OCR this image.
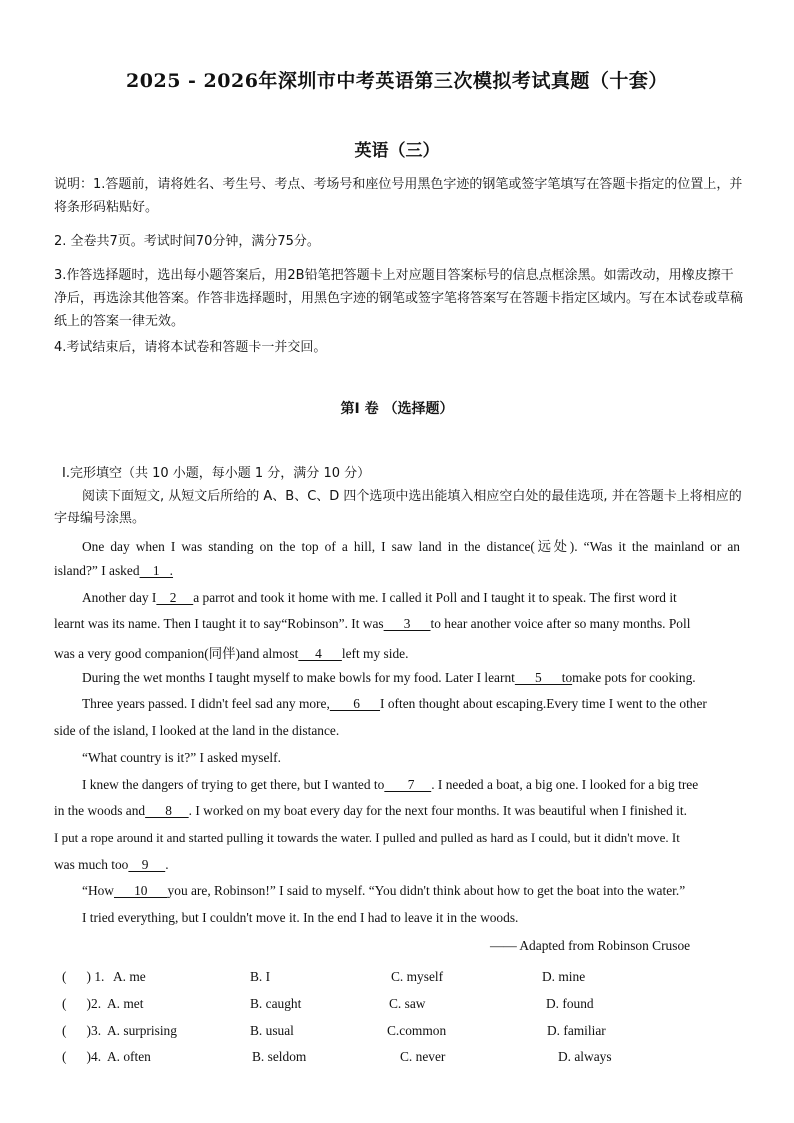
2025 - 2026年深圳市中考英语第三次模拟考试真题（十套）
英语（三）
说明：1.答题前，请将姓名、考生号、考点、考场号和座位号用黑色字迹的钢笔或签字笔填写在答题卡指定的位置上，并将条形码粘贴好。
2. 全卷共7页。考试时间70分钟，满分75分。
3.作答选择题时，选出每小题答案后，用2B铅笔把答题卡上对应题目答案标号的信息点框涂黑。如需改动，用橡皮擦干净后，再选涂其他答案。作答非选择题时，用黑色字迹的钢笔或签字笔将答案写在答题卡指定区域内。写在本试卷或草稿纸上的答案一律无效。
4.考试结束后，请将本试卷和答题卡一并交回。
第Ⅰ 卷 （选择题）
Ⅰ.完形填空（共 10 小题，每小题 1 分，满分 10 分）
阅读下面短文, 从短文后所给的 A、B、C、D 四个选项中选出能填入相应空白处的最佳选项, 并在答题卡上将相应的字母编号涂黑。
One day when I was standing on the top of a hill, I saw land in the distance(远处). “Was it the mainland or an
island?” I asked    1   .
Another day I    2     a parrot and took it home with me. I called it Poll and I taught it to speak. The first word it
learnt was its name. Then I taught it to say“Robinson”. It was      3      to hear another voice after so many months. Poll
was a very good companion(同伴)and almost     4      left my side.
During the wet months I taught myself to make bowls for my food. Later I learnt      5      tomake pots for cooking.
Three years passed. I didn't feel sad any more,       6      I often thought about escaping.Every time I went to the other
side of the island, I looked at the land in the distance.
“What country is it?” I asked myself.
I knew the dangers of trying to get there, but I wanted to       7     . I needed a boat, a big one. I looked for a big tree
in the woods and      8     . I worked on my boat every day for the next four months. It was beautiful when I finished it.
I put a rope around it and started pulling it towards the water. I pulled and pulled as hard as I could, but it didn't move. It
was much too    9     .
“How      10      you are, Robinson!” I said to myself. “You didn't think about how to get the boat into the water.”
I tried everything, but I couldn't move it. In the end I had to leave it in the woods.
—— Adapted from Robinson Crusoe
(      ) 1. A. me	B. I	C. myself	D. mine
(      )2. A. met	B. caught	C. saw	D. found
(      )3. A. surprising	B. usual	C.common	D. familiar
(      )4. A. often	B. seldom	C. never	D. always
